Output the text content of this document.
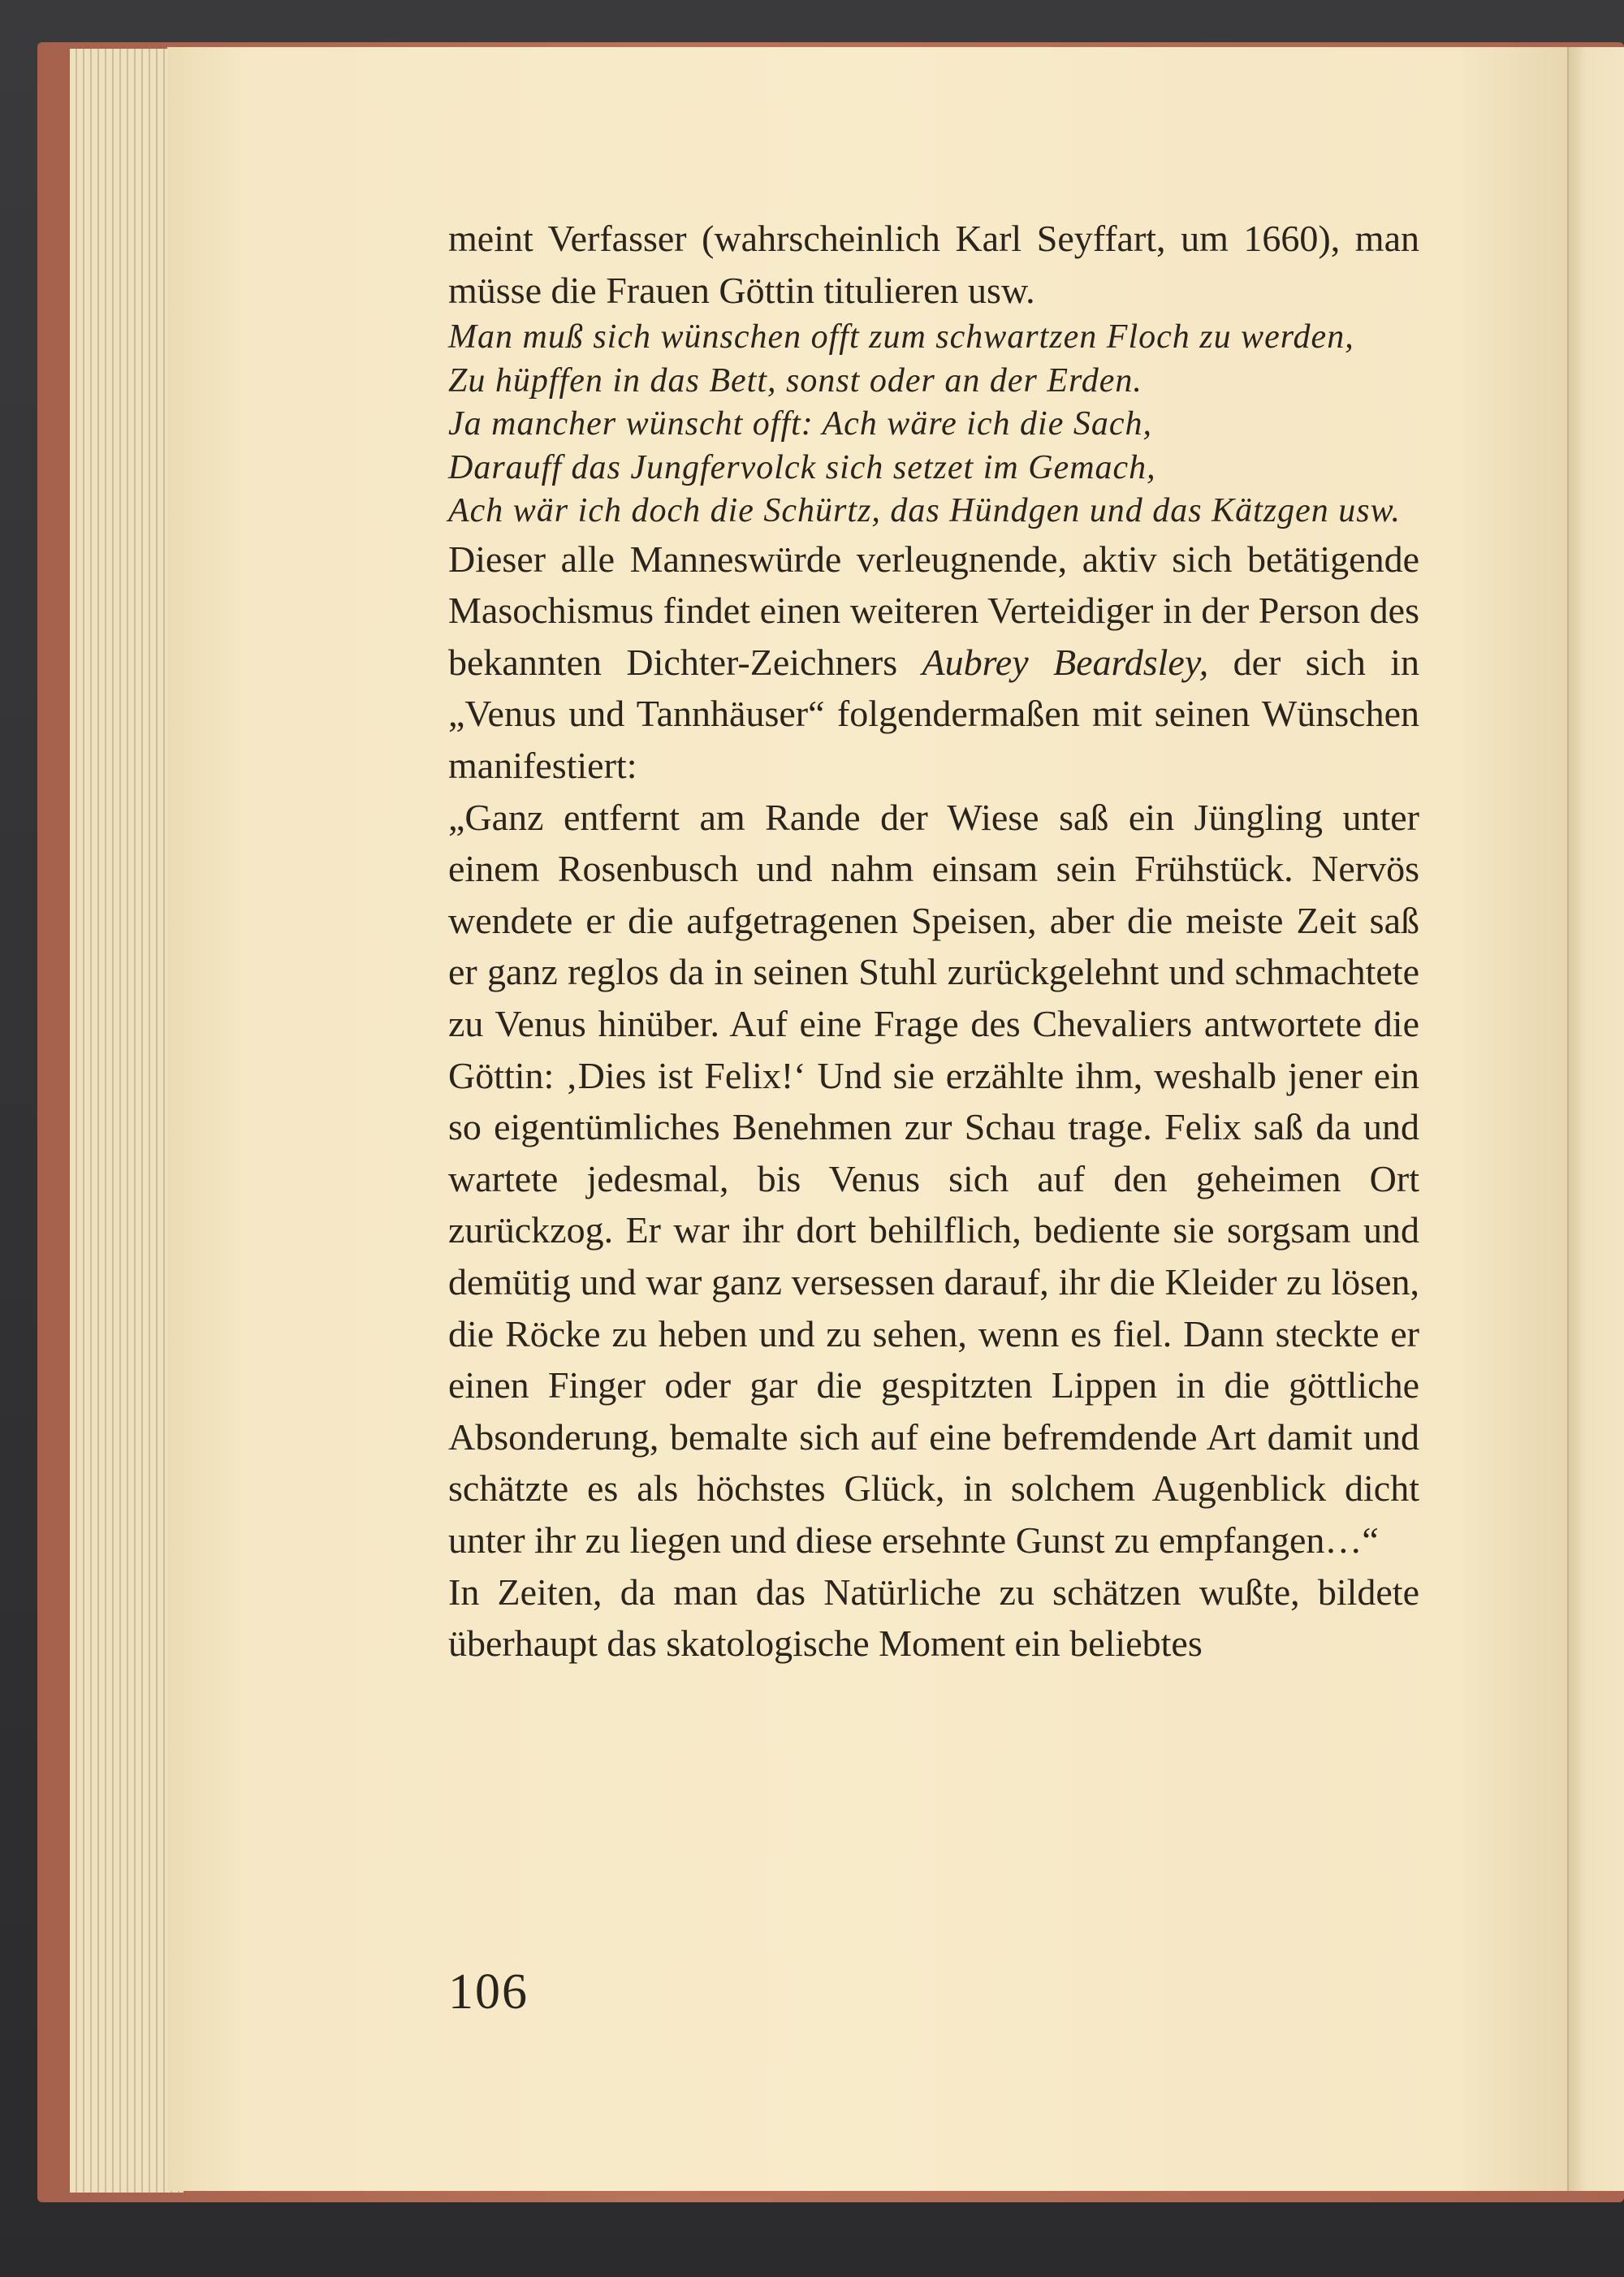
meint Verfasser (wahrscheinlich Karl Seyffart, um 1660), man müsse die Frauen Göttin titulieren usw.

Man muß sich wünschen offt zum schwartzen Floch zu werden,
Zu hüpffen in das Bett, sonst oder an der Erden.
Ja mancher wünscht offt: Ach wäre ich die Sach,
Darauff das Jungfervolck sich setzet im Gemach,
Ach wär ich doch die Schürtz, das Hündgen und das Kätzgen usw.

Dieser alle Manneswürde verleugnende, aktiv sich betätigende Masochismus findet einen weiteren Verteidiger in der Person des bekannten Dichter-Zeichners Aubrey Beardsley, der sich in „Venus und Tannhäuser“ folgendermaßen mit seinen Wünschen manifestiert:

„Ganz entfernt am Rande der Wiese saß ein Jüngling unter einem Rosenbusch und nahm einsam sein Frühstück. Nervös wendete er die aufgetragenen Speisen, aber die meiste Zeit saß er ganz reglos da in seinen Stuhl zurückgelehnt und schmachtete zu Venus hinüber. Auf eine Frage des Chevaliers antwortete die Göttin: ‚Dies ist Felix!‘ Und sie erzählte ihm, weshalb jener ein so eigentümliches Benehmen zur Schau trage. Felix saß da und wartete jedesmal, bis Venus sich auf den geheimen Ort zurückzog. Er war ihr dort behilflich, bediente sie sorgsam und demütig und war ganz versessen darauf, ihr die Kleider zu lösen, die Röcke zu heben und zu sehen, wenn es fiel. Dann steckte er einen Finger oder gar die gespitzten Lippen in die göttliche Absonderung, bemalte sich auf eine befremdende Art damit und schätzte es als höchstes Glück, in solchem Augenblick dicht unter ihr zu liegen und diese ersehnte Gunst zu empfangen…“

In Zeiten, da man das Natürliche zu schätzen wußte, bildete überhaupt das skatologische Moment ein beliebtes

106
